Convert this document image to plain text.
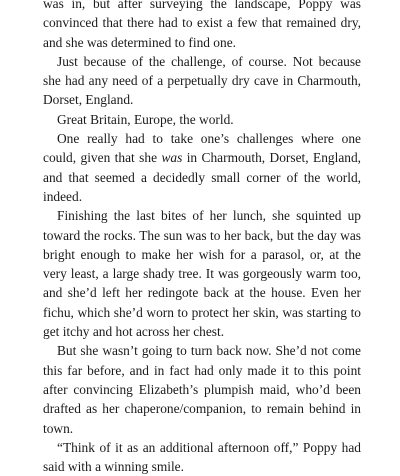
was in, but after surveying the landscape, Poppy was convinced that there had to exist a few that remained dry, and she was determined to find one.

Just because of the challenge, of course. Not because she had any need of a perpetually dry cave in Charmouth, Dorset, England.

Great Britain, Europe, the world.

One really had to take one’s challenges where one could, given that she was in Charmouth, Dorset, England, and that seemed a decidedly small corner of the world, indeed.

Finishing the last bites of her lunch, she squinted up toward the rocks. The sun was to her back, but the day was bright enough to make her wish for a parasol, or, at the very least, a large shady tree. It was gorgeously warm too, and she’d left her redingote back at the house. Even her fichu, which she’d worn to protect her skin, was starting to get itchy and hot across her chest.

But she wasn’t going to turn back now. She’d not come this far before, and in fact had only made it to this point after convincing Elizabeth’s plumpish maid, who’d been drafted as her chaperone/companion, to remain behind in town.

“Think of it as an additional afternoon off,” Poppy had said with a winning smile.
